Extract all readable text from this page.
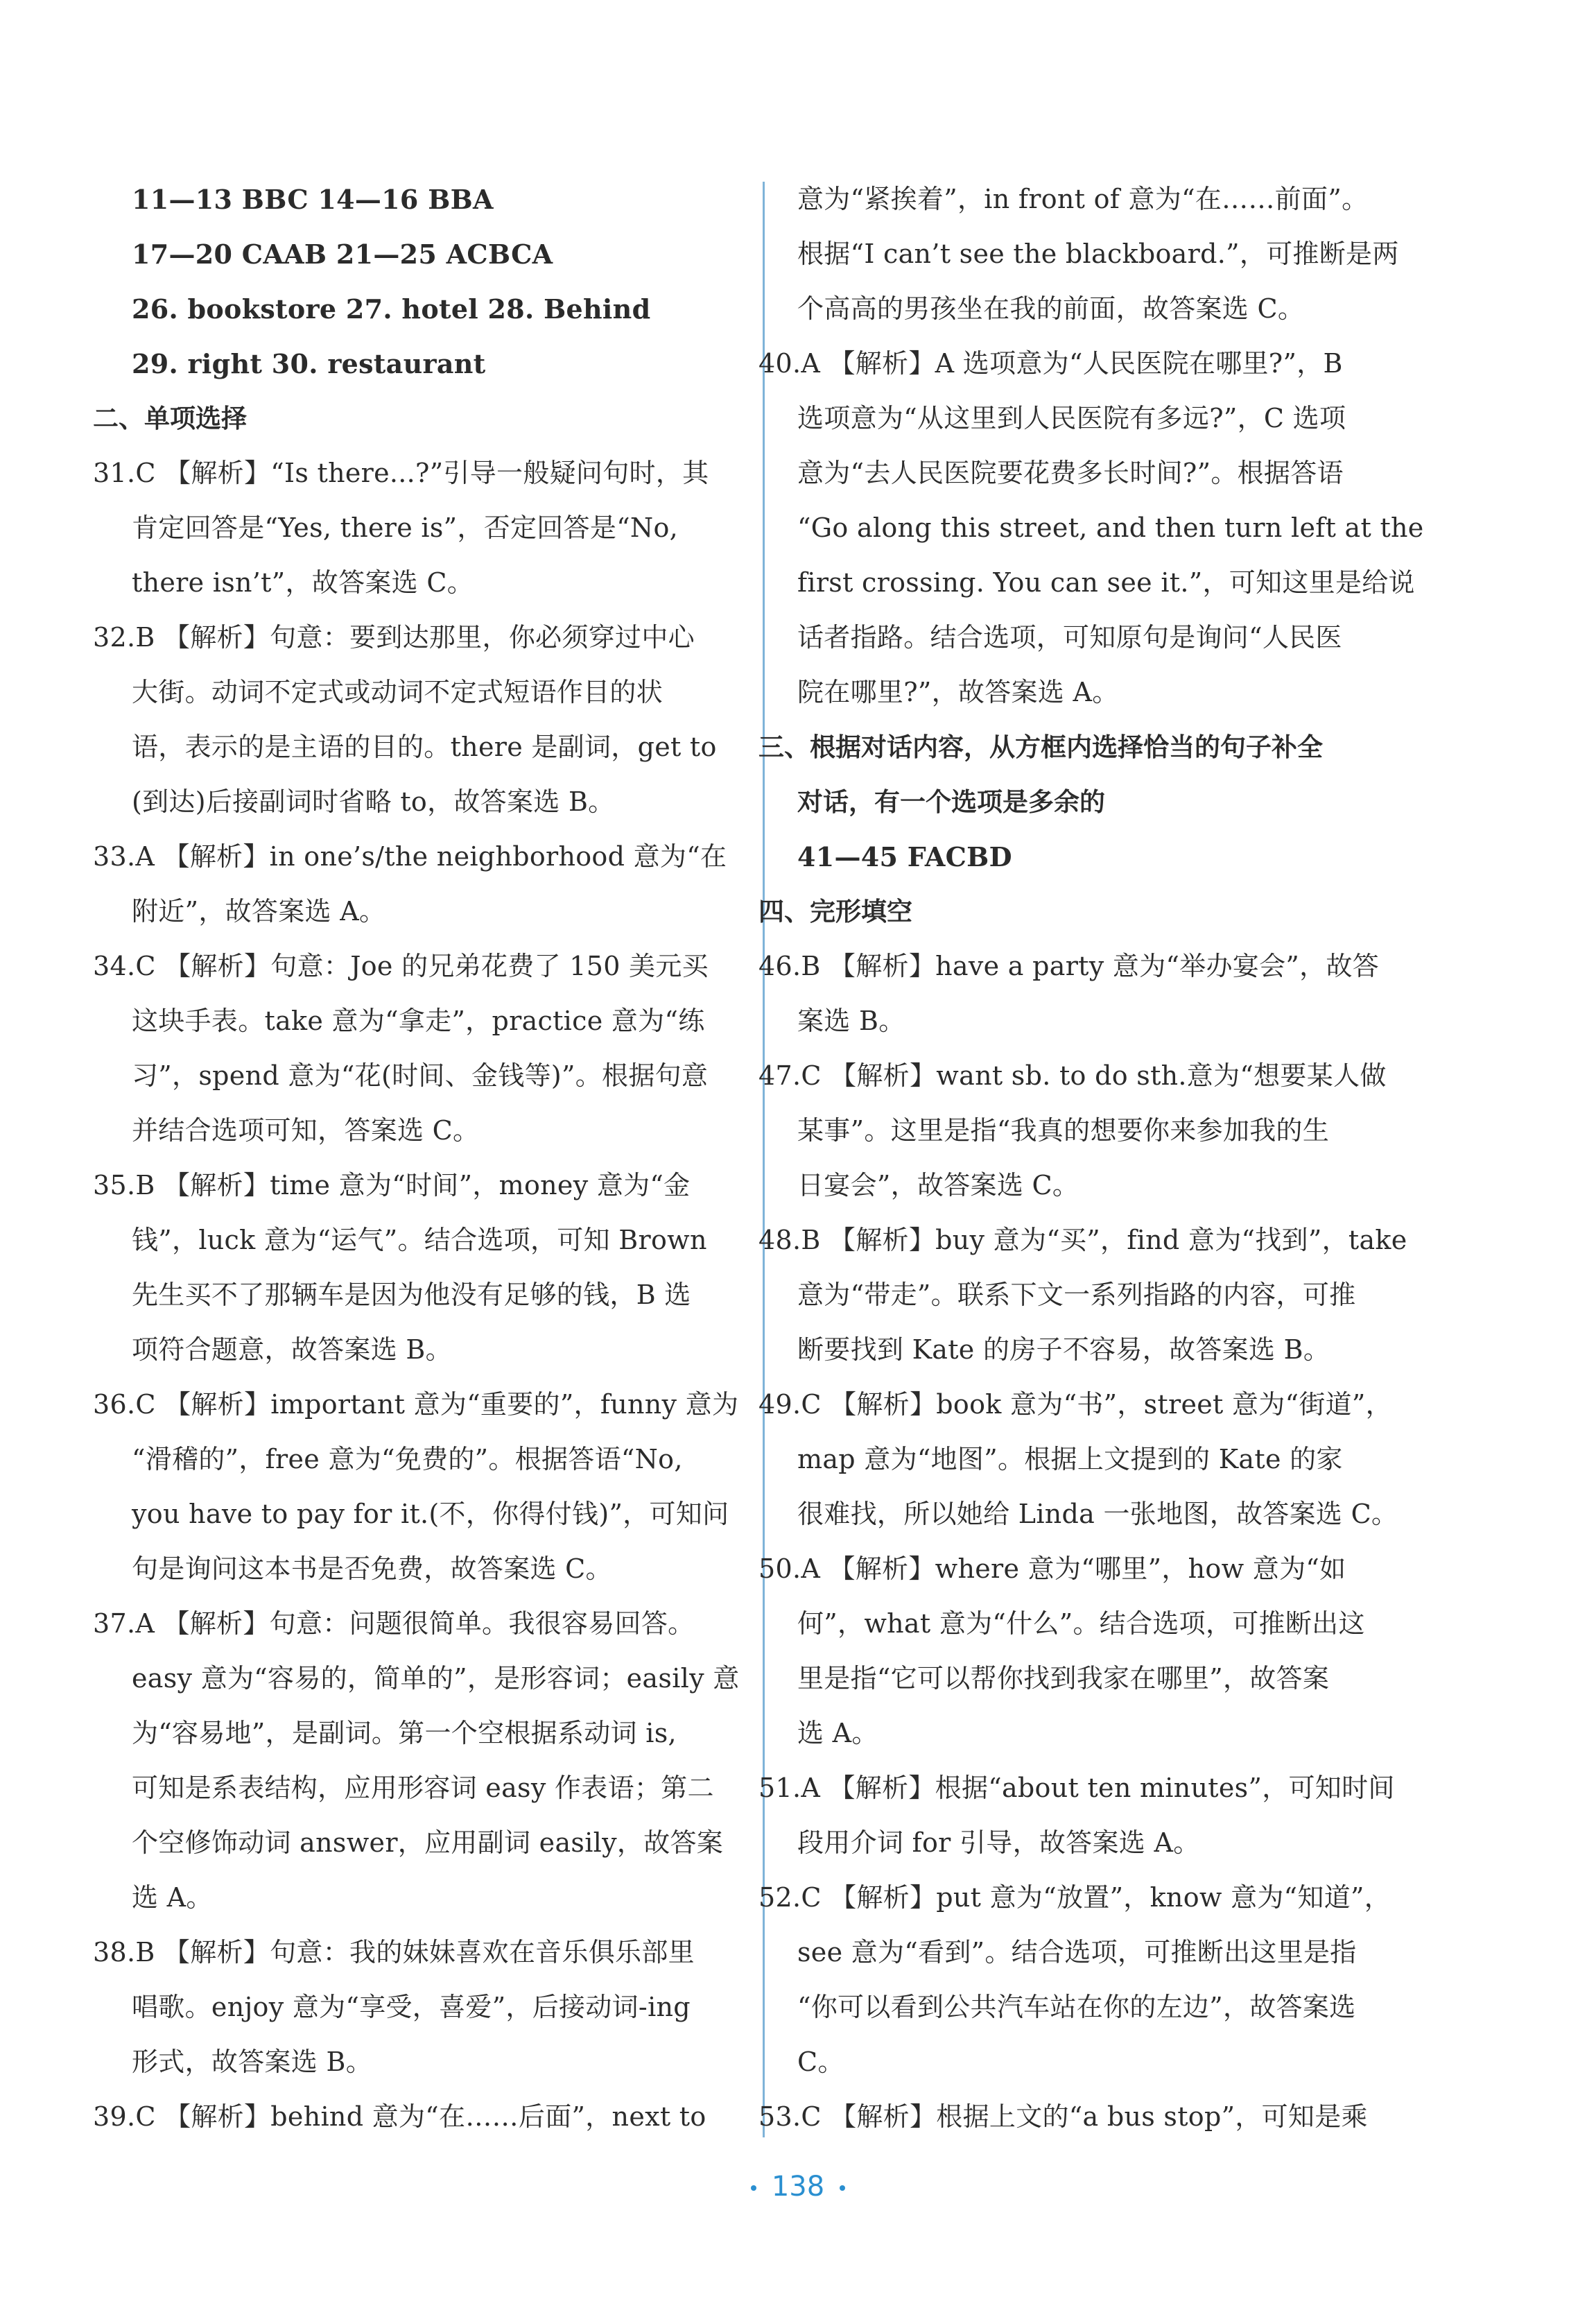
11—13 BBC 14—16 BBA
17—20 CAAB 21—25 ACBCA
26. bookstore 27. hotel 28. Behind
29. right 30. restaurant
二、单项选择
31.C 【解析】“Is there...?”引导一般疑问句时，其
肯定回答是“Yes, there is”，否定回答是“No,
there isn’t”，故答案选 C。
32.B 【解析】句意：要到达那里，你必须穿过中心
大街。动词不定式或动词不定式短语作目的状
语，表示的是主语的目的。there 是副词，get to
(到达)后接副词时省略 to，故答案选 B。
33.A 【解析】in one’s/the neighborhood 意为“在
附近”，故答案选 A。
34.C 【解析】句意：Joe 的兄弟花费了 150 美元买
这块手表。take 意为“拿走”，practice 意为“练
习”，spend 意为“花(时间、金钱等)”。根据句意
并结合选项可知，答案选 C。
35.B 【解析】time 意为“时间”，money 意为“金
钱”，luck 意为“运气”。结合选项，可知 Brown
先生买不了那辆车是因为他没有足够的钱，B 选
项符合题意，故答案选 B。
36.C 【解析】important 意为“重要的”，funny 意为
“滑稽的”，free 意为“免费的”。根据答语“No,
you have to pay for it.(不，你得付钱)”，可知问
句是询问这本书是否免费，故答案选 C。
37.A 【解析】句意：问题很简单。我很容易回答。
easy 意为“容易的，简单的”，是形容词；easily 意
为“容易地”，是副词。第一个空根据系动词 is,
可知是系表结构，应用形容词 easy 作表语；第二
个空修饰动词 answer，应用副词 easily，故答案
选 A。
38.B 【解析】句意：我的妹妹喜欢在音乐俱乐部里
唱歌。enjoy 意为“享受，喜爱”，后接动词-ing
形式，故答案选 B。
39.C 【解析】behind 意为“在……后面”，next to
意为“紧挨着”，in front of 意为“在……前面”。
根据“I can’t see the blackboard.”，可推断是两
个高高的男孩坐在我的前面，故答案选 C。
40.A 【解析】A 选项意为“人民医院在哪里?”，B
选项意为“从这里到人民医院有多远?”，C 选项
意为“去人民医院要花费多长时间?”。根据答语
“Go along this street, and then turn left at the
first crossing. You can see it.”，可知这里是给说
话者指路。结合选项，可知原句是询问“人民医
院在哪里?”，故答案选 A。
三、根据对话内容，从方框内选择恰当的句子补全
对话，有一个选项是多余的
41—45 FACBD
四、完形填空
46.B 【解析】have a party 意为“举办宴会”，故答
案选 B。
47.C 【解析】want sb. to do sth.意为“想要某人做
某事”。这里是指“我真的想要你来参加我的生
日宴会”，故答案选 C。
48.B 【解析】buy 意为“买”，find 意为“找到”，take
意为“带走”。联系下文一系列指路的内容，可推
断要找到 Kate 的房子不容易，故答案选 B。
49.C 【解析】book 意为“书”，street 意为“街道”，
map 意为“地图”。根据上文提到的 Kate 的家
很难找，所以她给 Linda 一张地图，故答案选 C。
50.A 【解析】where 意为“哪里”，how 意为“如
何”，what 意为“什么”。结合选项，可推断出这
里是指“它可以帮你找到我家在哪里”，故答案
选 A。
51.A 【解析】根据“about ten minutes”，可知时间
段用介词 for 引导，故答案选 A。
52.C 【解析】put 意为“放置”，know 意为“知道”，
see 意为“看到”。结合选项，可推断出这里是指
“你可以看到公共汽车站在你的左边”，故答案选
C。
53.C 【解析】根据上文的“a bus stop”，可知是乘
138
